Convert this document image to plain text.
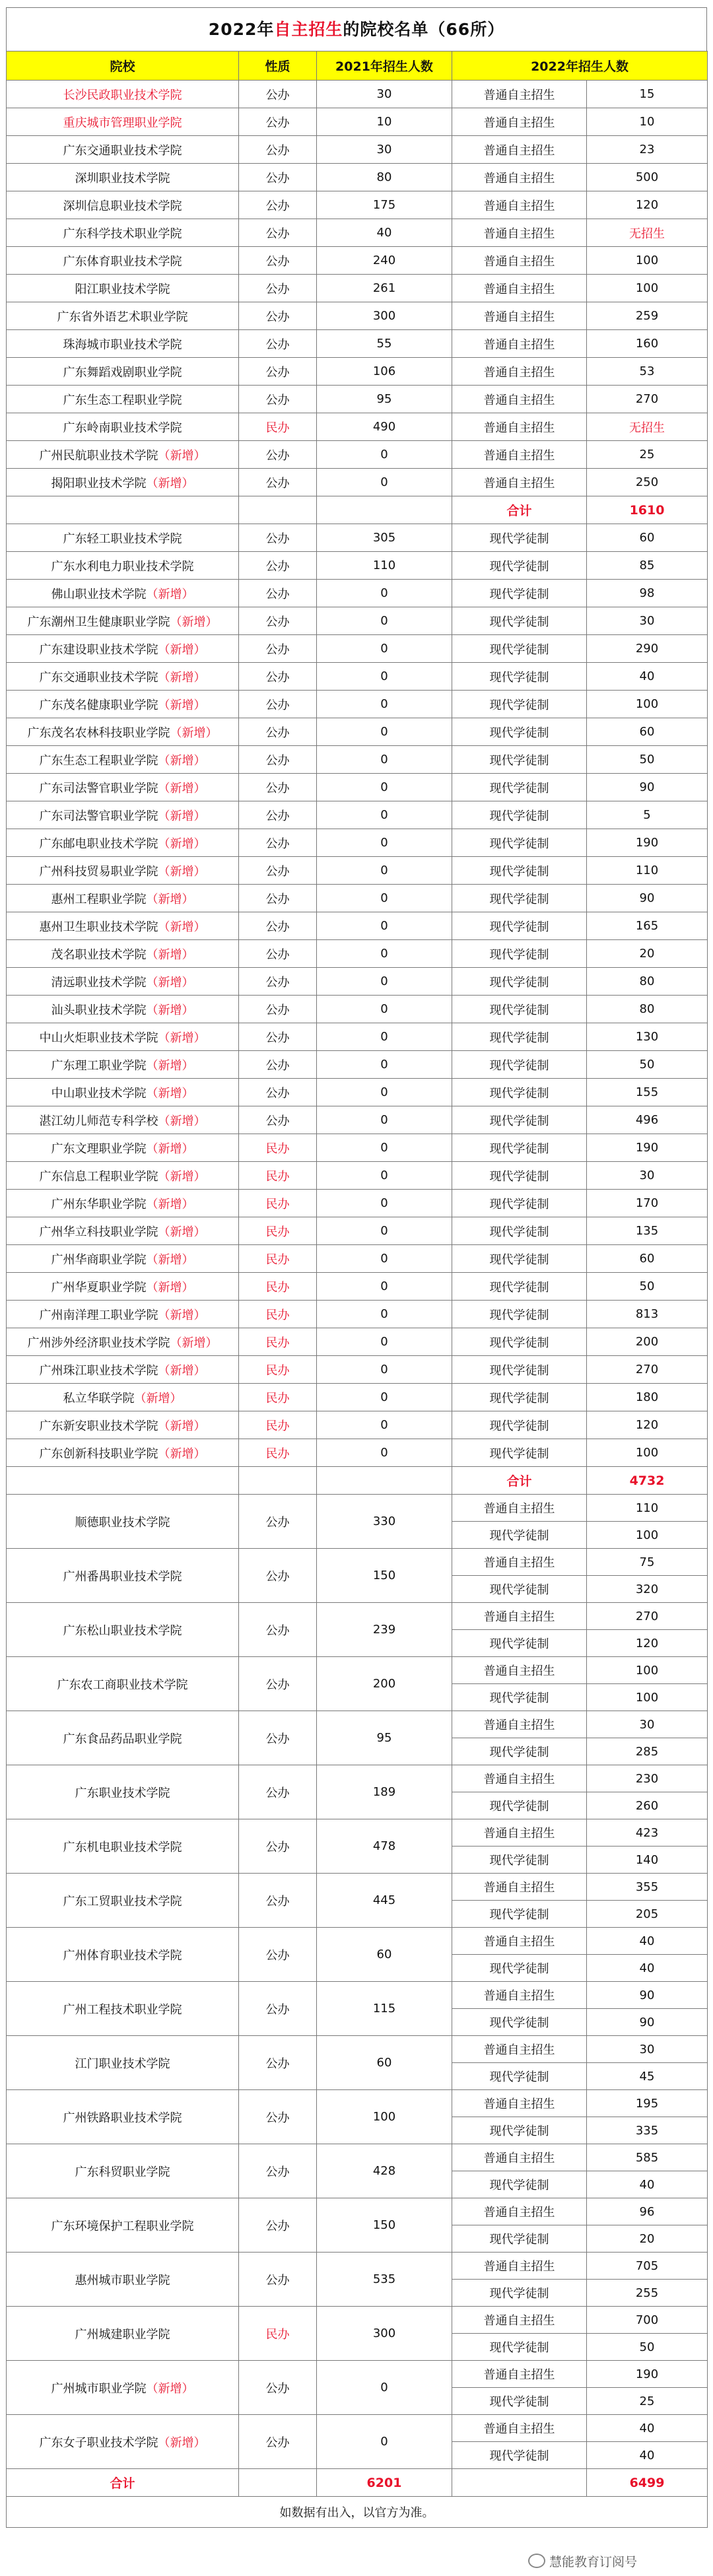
2022年自主招生的院校名单（66所）
院校	性质	2021年招生人数	2022年招生人数	
长沙民政职业技术学院	公办	30	普通自主招生	15
重庆城市管理职业学院	公办	10	普通自主招生	10
广东交通职业技术学院	公办	30	普通自主招生	23
深圳职业技术学院	公办	80	普通自主招生	500
深圳信息职业技术学院	公办	175	普通自主招生	120
广东科学技术职业学院	公办	40	普通自主招生	无招生
广东体育职业技术学院	公办	240	普通自主招生	100
阳江职业技术学院	公办	261	普通自主招生	100
广东省外语艺术职业学院	公办	300	普通自主招生	259
珠海城市职业技术学院	公办	55	普通自主招生	160
广东舞蹈戏剧职业学院	公办	106	普通自主招生	53
广东生态工程职业学院	公办	95	普通自主招生	270
广东岭南职业技术学院	民办	490	普通自主招生	无招生
广州民航职业技术学院（新增）	公办	0	普通自主招生	25
揭阳职业技术学院（新增）	公办	0	普通自主招生	250
			合计	1610
广东轻工职业技术学院	公办	305	现代学徒制	60
广东水利电力职业技术学院	公办	110	现代学徒制	85
佛山职业技术学院（新增）	公办	0	现代学徒制	98
广东潮州卫生健康职业学院（新增）	公办	0	现代学徒制	30
广东建设职业技术学院（新增）	公办	0	现代学徒制	290
广东交通职业技术学院（新增）	公办	0	现代学徒制	40
广东茂名健康职业学院（新增）	公办	0	现代学徒制	100
广东茂名农林科技职业学院（新增）	公办	0	现代学徒制	60
广东生态工程职业学院（新增）	公办	0	现代学徒制	50
广东司法警官职业学院（新增）	公办	0	现代学徒制	90
广东司法警官职业学院（新增）	公办	0	现代学徒制	5
广东邮电职业技术学院（新增）	公办	0	现代学徒制	190
广州科技贸易职业学院（新增）	公办	0	现代学徒制	110
惠州工程职业学院（新增）	公办	0	现代学徒制	90
惠州卫生职业技术学院（新增）	公办	0	现代学徒制	165
茂名职业技术学院（新增）	公办	0	现代学徒制	20
清远职业技术学院（新增）	公办	0	现代学徒制	80
汕头职业技术学院（新增）	公办	0	现代学徒制	80
中山火炬职业技术学院（新增）	公办	0	现代学徒制	130
广东理工职业学院（新增）	公办	0	现代学徒制	50
中山职业技术学院（新增）	公办	0	现代学徒制	155
湛江幼儿师范专科学校（新增）	公办	0	现代学徒制	496
广东文理职业学院（新增）	民办	0	现代学徒制	190
广东信息工程职业学院（新增）	民办	0	现代学徒制	30
广州东华职业学院（新增）	民办	0	现代学徒制	170
广州华立科技职业学院（新增）	民办	0	现代学徒制	135
广州华商职业学院（新增）	民办	0	现代学徒制	60
广州华夏职业学院（新增）	民办	0	现代学徒制	50
广州南洋理工职业学院（新增）	民办	0	现代学徒制	813
广州涉外经济职业技术学院（新增）	民办	0	现代学徒制	200
广州珠江职业技术学院（新增）	民办	0	现代学徒制	270
私立华联学院（新增）	民办	0	现代学徒制	180
广东新安职业技术学院（新增）	民办	0	现代学徒制	120
广东创新科技职业学院（新增）	民办	0	现代学徒制	100
			合计	4732
顺德职业技术学院	公办	330	普通自主招生	110
			现代学徒制	100
广州番禺职业技术学院	公办	150	普通自主招生	75
			现代学徒制	320
广东松山职业技术学院	公办	239	普通自主招生	270
			现代学徒制	120
广东农工商职业技术学院	公办	200	普通自主招生	100
			现代学徒制	100
广东食品药品职业学院	公办	95	普通自主招生	30
			现代学徒制	285
广东职业技术学院	公办	189	普通自主招生	230
			现代学徒制	260
广东机电职业技术学院	公办	478	普通自主招生	423
			现代学徒制	140
广东工贸职业技术学院	公办	445	普通自主招生	355
			现代学徒制	205
广州体育职业技术学院	公办	60	普通自主招生	40
			现代学徒制	40
广州工程技术职业学院	公办	115	普通自主招生	90
			现代学徒制	90
江门职业技术学院	公办	60	普通自主招生	30
			现代学徒制	45
广州铁路职业技术学院	公办	100	普通自主招生	195
			现代学徒制	335
广东科贸职业学院	公办	428	普通自主招生	585
			现代学徒制	40
广东环境保护工程职业学院	公办	150	普通自主招生	96
			现代学徒制	20
惠州城市职业学院	公办	535	普通自主招生	705
			现代学徒制	255
广州城建职业学院	民办	300	普通自主招生	700
			现代学徒制	50
广州城市职业学院（新增）	公办	0	普通自主招生	190
			现代学徒制	25
广东女子职业技术学院（新增）	公办	0	普通自主招生	40
			现代学徒制	40
合计		6201		6499
如数据有出入，以官方为准。				
慧能教育订阅号
